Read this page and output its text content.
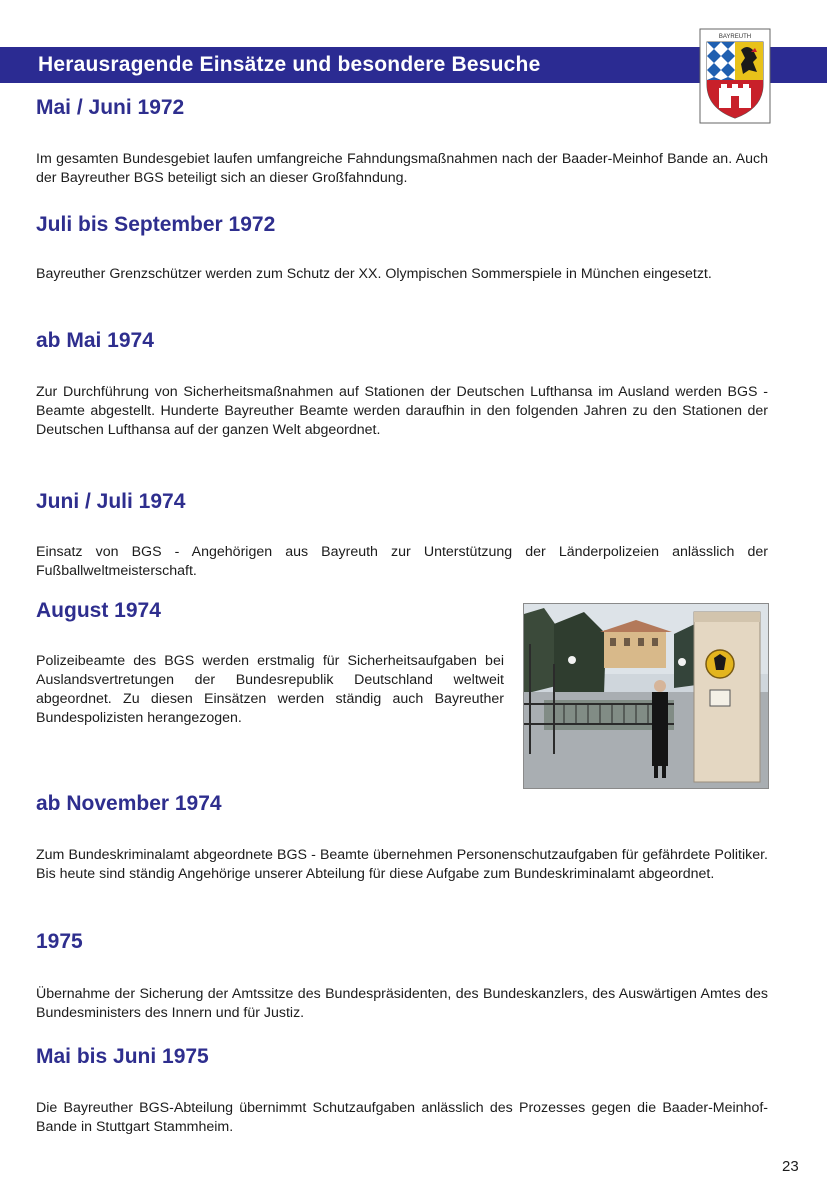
Herausragende Einsätze und besondere Besuche
BAYREUTH
Mai / Juni 1972

Im gesamten Bundesgebiet laufen umfangreiche Fahndungsmaßnahmen nach der Baader-Meinhof Bande an. Auch der Bayreuther BGS beteiligt sich an dieser Großfahndung.

Juli bis September 1972

Bayreuther Grenzschützer werden zum Schutz der XX. Olympischen Sommerspiele in München eingesetzt.

ab Mai 1974

Zur Durchführung von Sicherheitsmaßnahmen auf Stationen der Deutschen Lufthansa im Ausland werden BGS - Beamte abgestellt. Hunderte Bayreuther Beamte werden daraufhin in den folgenden Jahren zu den Stationen der Deutschen Lufthansa auf der ganzen Welt abgeordnet.

Juni / Juli 1974

Einsatz von BGS - Angehörigen aus Bayreuth zur Unterstützung der Länderpolizeien anlässlich der Fußballweltmeisterschaft.

August 1974

Polizeibeamte des BGS werden erstmalig für Sicherheitsaufgaben bei Auslandsvertretungen der Bundesrepublik Deutschland weltweit abgeordnet. Zu diesen Einsätzen werden ständig auch Bayreuther Bundespolizisten herangezogen.

ab November 1974

Zum Bundeskriminalamt abgeordnete BGS - Beamte übernehmen Personenschutzaufgaben für gefährdete Politiker. Bis heute sind ständig Angehörige unserer Abteilung für diese Aufgabe zum Bundeskriminalamt abgeordnet.

1975

Übernahme der Sicherung der Amtssitze des Bundespräsidenten, des Bundeskanzlers, des Auswärtigen Amtes des Bundesministers des Innern und für Justiz.

Mai bis Juni 1975

Die Bayreuther BGS-Abteilung übernimmt Schutzaufgaben anlässlich des Prozesses gegen die Baader-Meinhof-Bande in Stuttgart Stammheim.

23
